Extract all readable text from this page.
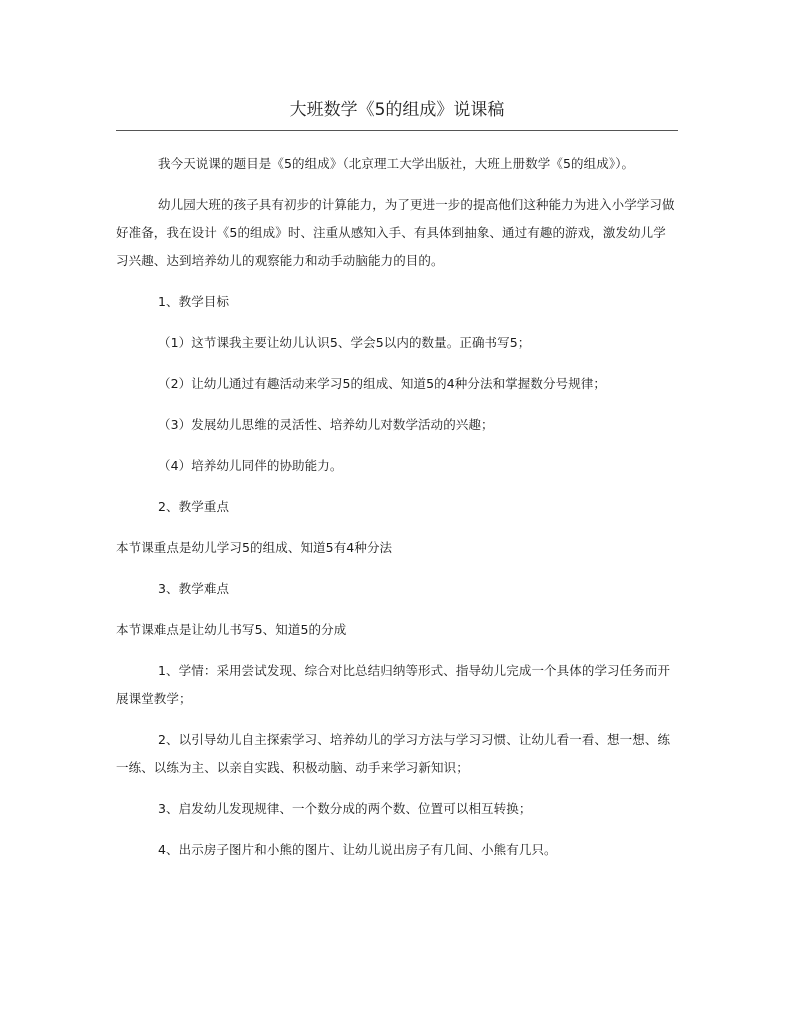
大班数学《5的组成》说课稿

我今天说课的题目是《5的组成》（北京理工大学出版社，大班上册数学《5的组成》）。

幼儿园大班的孩子具有初步的计算能力，为了更进一步的提高他们这种能力为进入小学学习做好准备，我在设计《5的组成》时、注重从感知入手、有具体到抽象、通过有趣的游戏，激发幼儿学习兴趣、达到培养幼儿的观察能力和动手动脑能力的目的。

1、教学目标

（1）这节课我主要让幼儿认识5、学会5以内的数量。正确书写5；

（2）让幼儿通过有趣活动来学习5的组成、知道5的4种分法和掌握数分号规律；

（3）发展幼儿思维的灵活性、培养幼儿对数学活动的兴趣；

（4）培养幼儿同伴的协助能力。

2、教学重点

本节课重点是幼儿学习5的组成、知道5有4种分法

3、教学难点

本节课难点是让幼儿书写5、知道5的分成

1、学情：采用尝试发现、综合对比总结归纳等形式、指导幼儿完成一个具体的学习任务而开展课堂教学；

2、以引导幼儿自主探索学习、培养幼儿的学习方法与学习习惯、让幼儿看一看、想一想、练一练、以练为主、以亲自实践、积极动脑、动手来学习新知识；

3、启发幼儿发现规律、一个数分成的两个数、位置可以相互转换；

4、出示房子图片和小熊的图片、让幼儿说出房子有几间、小熊有几只。
